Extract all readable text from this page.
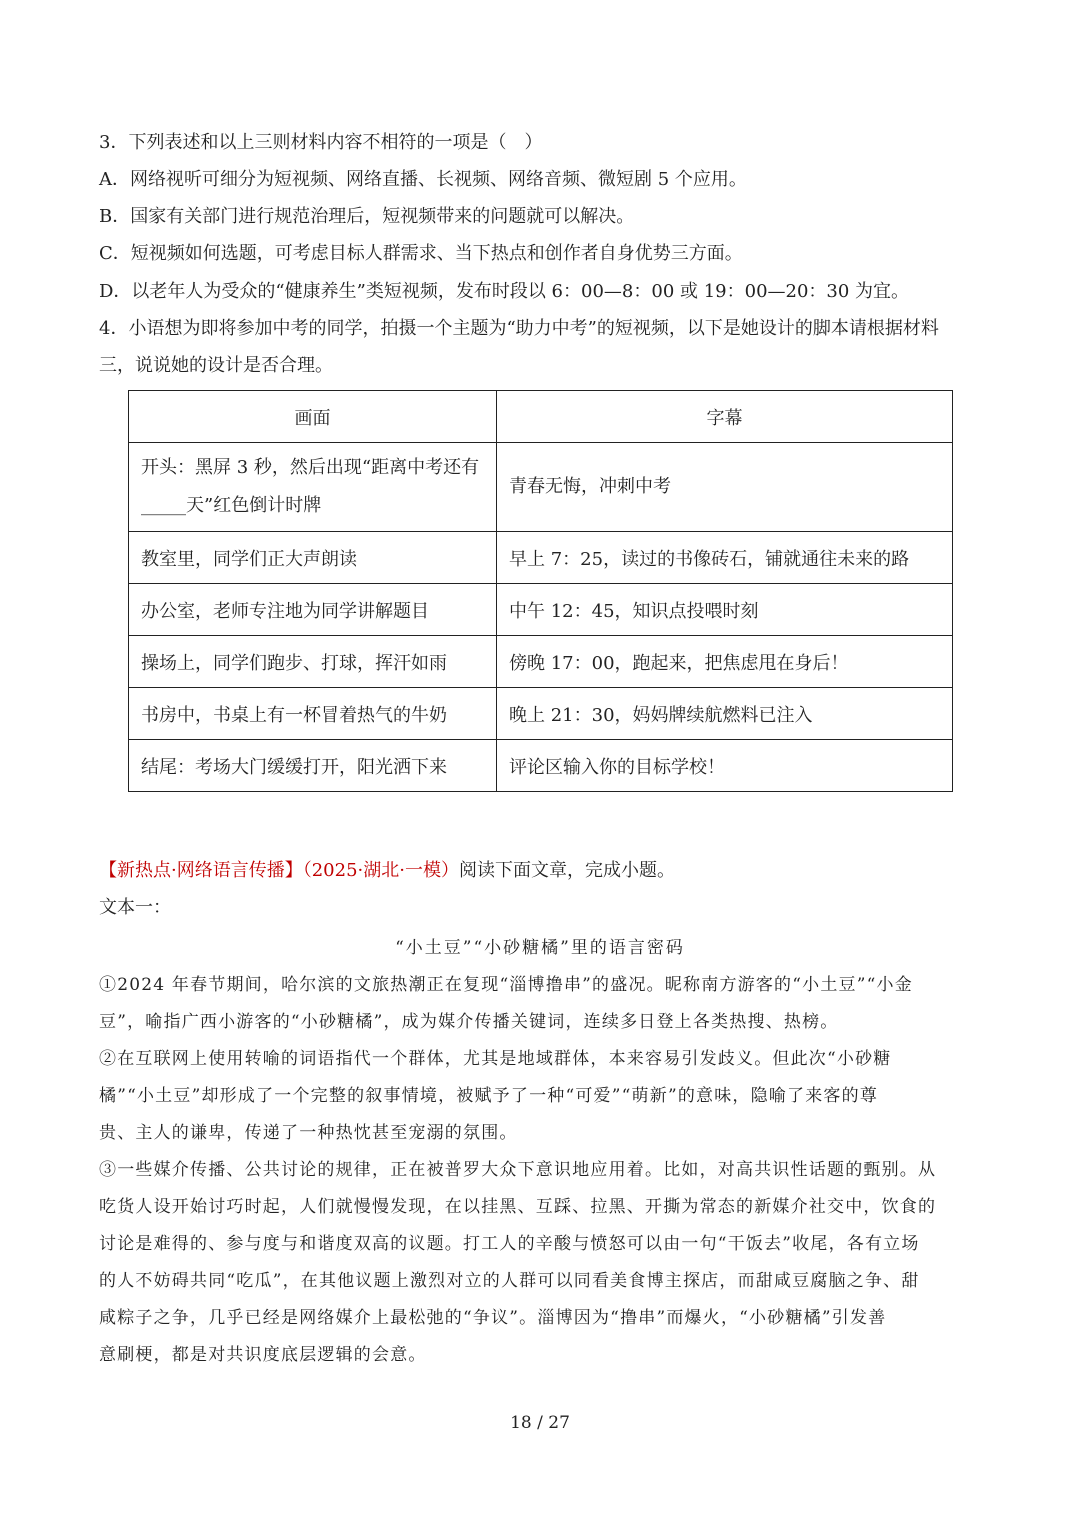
3．下列表述和以上三则材料内容不相符的一项是（　）
A．网络视听可细分为短视频、网络直播、长视频、网络音频、微短剧 5 个应用。
B．国家有关部门进行规范治理后，短视频带来的问题就可以解决。
C．短视频如何选题，可考虑目标人群需求、当下热点和创作者自身优势三方面。
D．以老年人为受众的“健康养生”类短视频，发布时段以 6：00—8：00 或 19：00—20：30 为宜。
4．小语想为即将参加中考的同学，拍摄一个主题为“助力中考”的短视频，以下是她设计的脚本请根据材料
三，说说她的设计是否合理。
画面	字幕

开头：黑屏 3 秒，然后出现“距离中考还有
_____天”红色倒计时牌	青春无悔，冲刺中考
教室里，同学们正大声朗读	早上 7：25，读过的书像砖石，铺就通往未来的路
办公室，老师专注地为同学讲解题目	中午 12：45，知识点投喂时刻
操场上，同学们跑步、打球，挥汗如雨	傍晚 17：00，跑起来，把焦虑甩在身后！
书房中，书桌上有一杯冒着热气的牛奶	晚上 21：30，妈妈牌续航燃料已注入
结尾：考场大门缓缓打开，阳光洒下来	评论区输入你的目标学校！
【新热点·网络语言传播】（2025·湖北·一模）阅读下面文章，完成小题。
文本一：
“小土豆”“小砂糖橘”里的语言密码
①2024 年春节期间，哈尔滨的文旅热潮正在复现“淄博撸串”的盛况。昵称南方游客的“小土豆”“小金
豆”，喻指广西小游客的“小砂糖橘”，成为媒介传播关键词，连续多日登上各类热搜、热榜。
②在互联网上使用转喻的词语指代一个群体，尤其是地域群体，本来容易引发歧义。但此次“小砂糖
橘”“小土豆”却形成了一个完整的叙事情境，被赋予了一种“可爱”“萌新”的意味，隐喻了来客的尊
贵、主人的谦卑，传递了一种热忱甚至宠溺的氛围。
③一些媒介传播、公共讨论的规律，正在被普罗大众下意识地应用着。比如，对高共识性话题的甄别。从
吃货人设开始讨巧时起，人们就慢慢发现，在以挂黑、互踩、拉黑、开撕为常态的新媒介社交中，饮食的
讨论是难得的、参与度与和谐度双高的议题。打工人的辛酸与愤怒可以由一句“干饭去”收尾，各有立场
的人不妨碍共同“吃瓜”，在其他议题上激烈对立的人群可以同看美食博主探店，而甜咸豆腐脑之争、甜
咸粽子之争，几乎已经是网络媒介上最松弛的“争议”。淄博因为“撸串”而爆火，“小砂糖橘”引发善
意刷梗，都是对共识度底层逻辑的会意。
18 / 27
